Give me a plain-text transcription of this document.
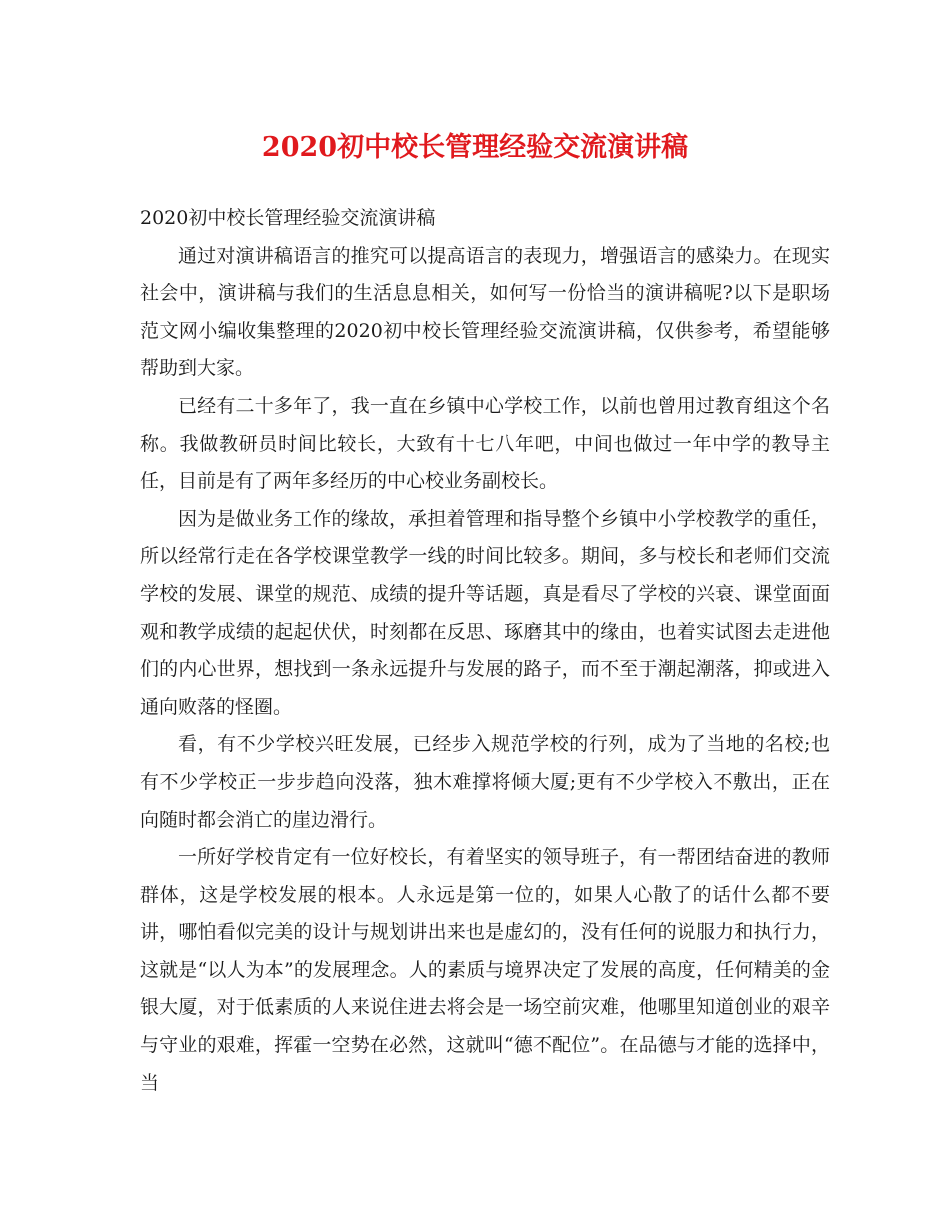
2020初中校长管理经验交流演讲稿

2020初中校长管理经验交流演讲稿

通过对演讲稿语言的推究可以提高语言的表现力，增强语言的感染力。在现实社会中，演讲稿与我们的生活息息相关，如何写一份恰当的演讲稿呢?以下是职场范文网小编收集整理的2020初中校长管理经验交流演讲稿，仅供参考，希望能够帮助到大家。

已经有二十多年了，我一直在乡镇中心学校工作，以前也曾用过教育组这个名称。我做教研员时间比较长，大致有十七八年吧，中间也做过一年中学的教导主任，目前是有了两年多经历的中心校业务副校长。

因为是做业务工作的缘故，承担着管理和指导整个乡镇中小学校教学的重任，所以经常行走在各学校课堂教学一线的时间比较多。期间，多与校长和老师们交流学校的发展、课堂的规范、成绩的提升等话题，真是看尽了学校的兴衰、课堂面面观和教学成绩的起起伏伏，时刻都在反思、琢磨其中的缘由，也着实试图去走进他们的内心世界，想找到一条永远提升与发展的路子，而不至于潮起潮落，抑或进入通向败落的怪圈。

看，有不少学校兴旺发展，已经步入规范学校的行列，成为了当地的名校;也有不少学校正一步步趋向没落，独木难撑将倾大厦;更有不少学校入不敷出，正在向随时都会消亡的崖边滑行。

一所好学校肯定有一位好校长，有着坚实的领导班子，有一帮团结奋进的教师群体，这是学校发展的根本。人永远是第一位的，如果人心散了的话什么都不要讲，哪怕看似完美的设计与规划讲出来也是虚幻的，没有任何的说服力和执行力，这就是“以人为本”的发展理念。人的素质与境界决定了发展的高度，任何精美的金银大厦，对于低素质的人来说住进去将会是一场空前灾难，他哪里知道创业的艰辛与守业的艰难，挥霍一空势在必然，这就叫“德不配位”。在品德与才能的选择中，当
